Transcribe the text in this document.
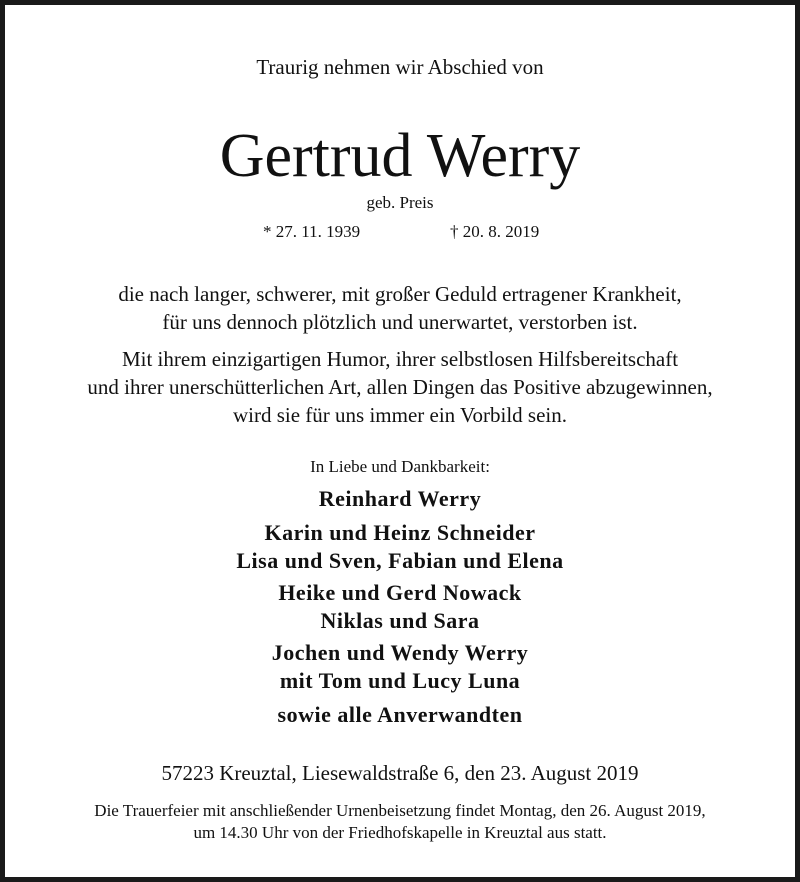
Traurig nehmen wir Abschied von
Gertrud Werry
geb. Preis
* 27. 11. 1939	† 20. 8. 2019
die nach langer, schwerer, mit großer Geduld ertragener Krankheit,
für uns dennoch plötzlich und unerwartet, verstorben ist.
Mit ihrem einzigartigen Humor, ihrer selbstlosen Hilfsbereitschaft
und ihrer unerschütterlichen Art, allen Dingen das Positive abzugewinnen,
wird sie für uns immer ein Vorbild sein.
In Liebe und Dankbarkeit:
Reinhard Werry
Karin und Heinz Schneider
Lisa und Sven, Fabian und Elena
Heike und Gerd Nowack
Niklas und Sara
Jochen und Wendy Werry
mit Tom und Lucy Luna
sowie alle Anverwandten
57223 Kreuztal, Liesewaldstraße 6, den 23. August 2019
Die Trauerfeier mit anschließender Urnenbeisetzung findet Montag, den 26. August 2019,
um 14.30 Uhr von der Friedhofskapelle in Kreuztal aus statt.
